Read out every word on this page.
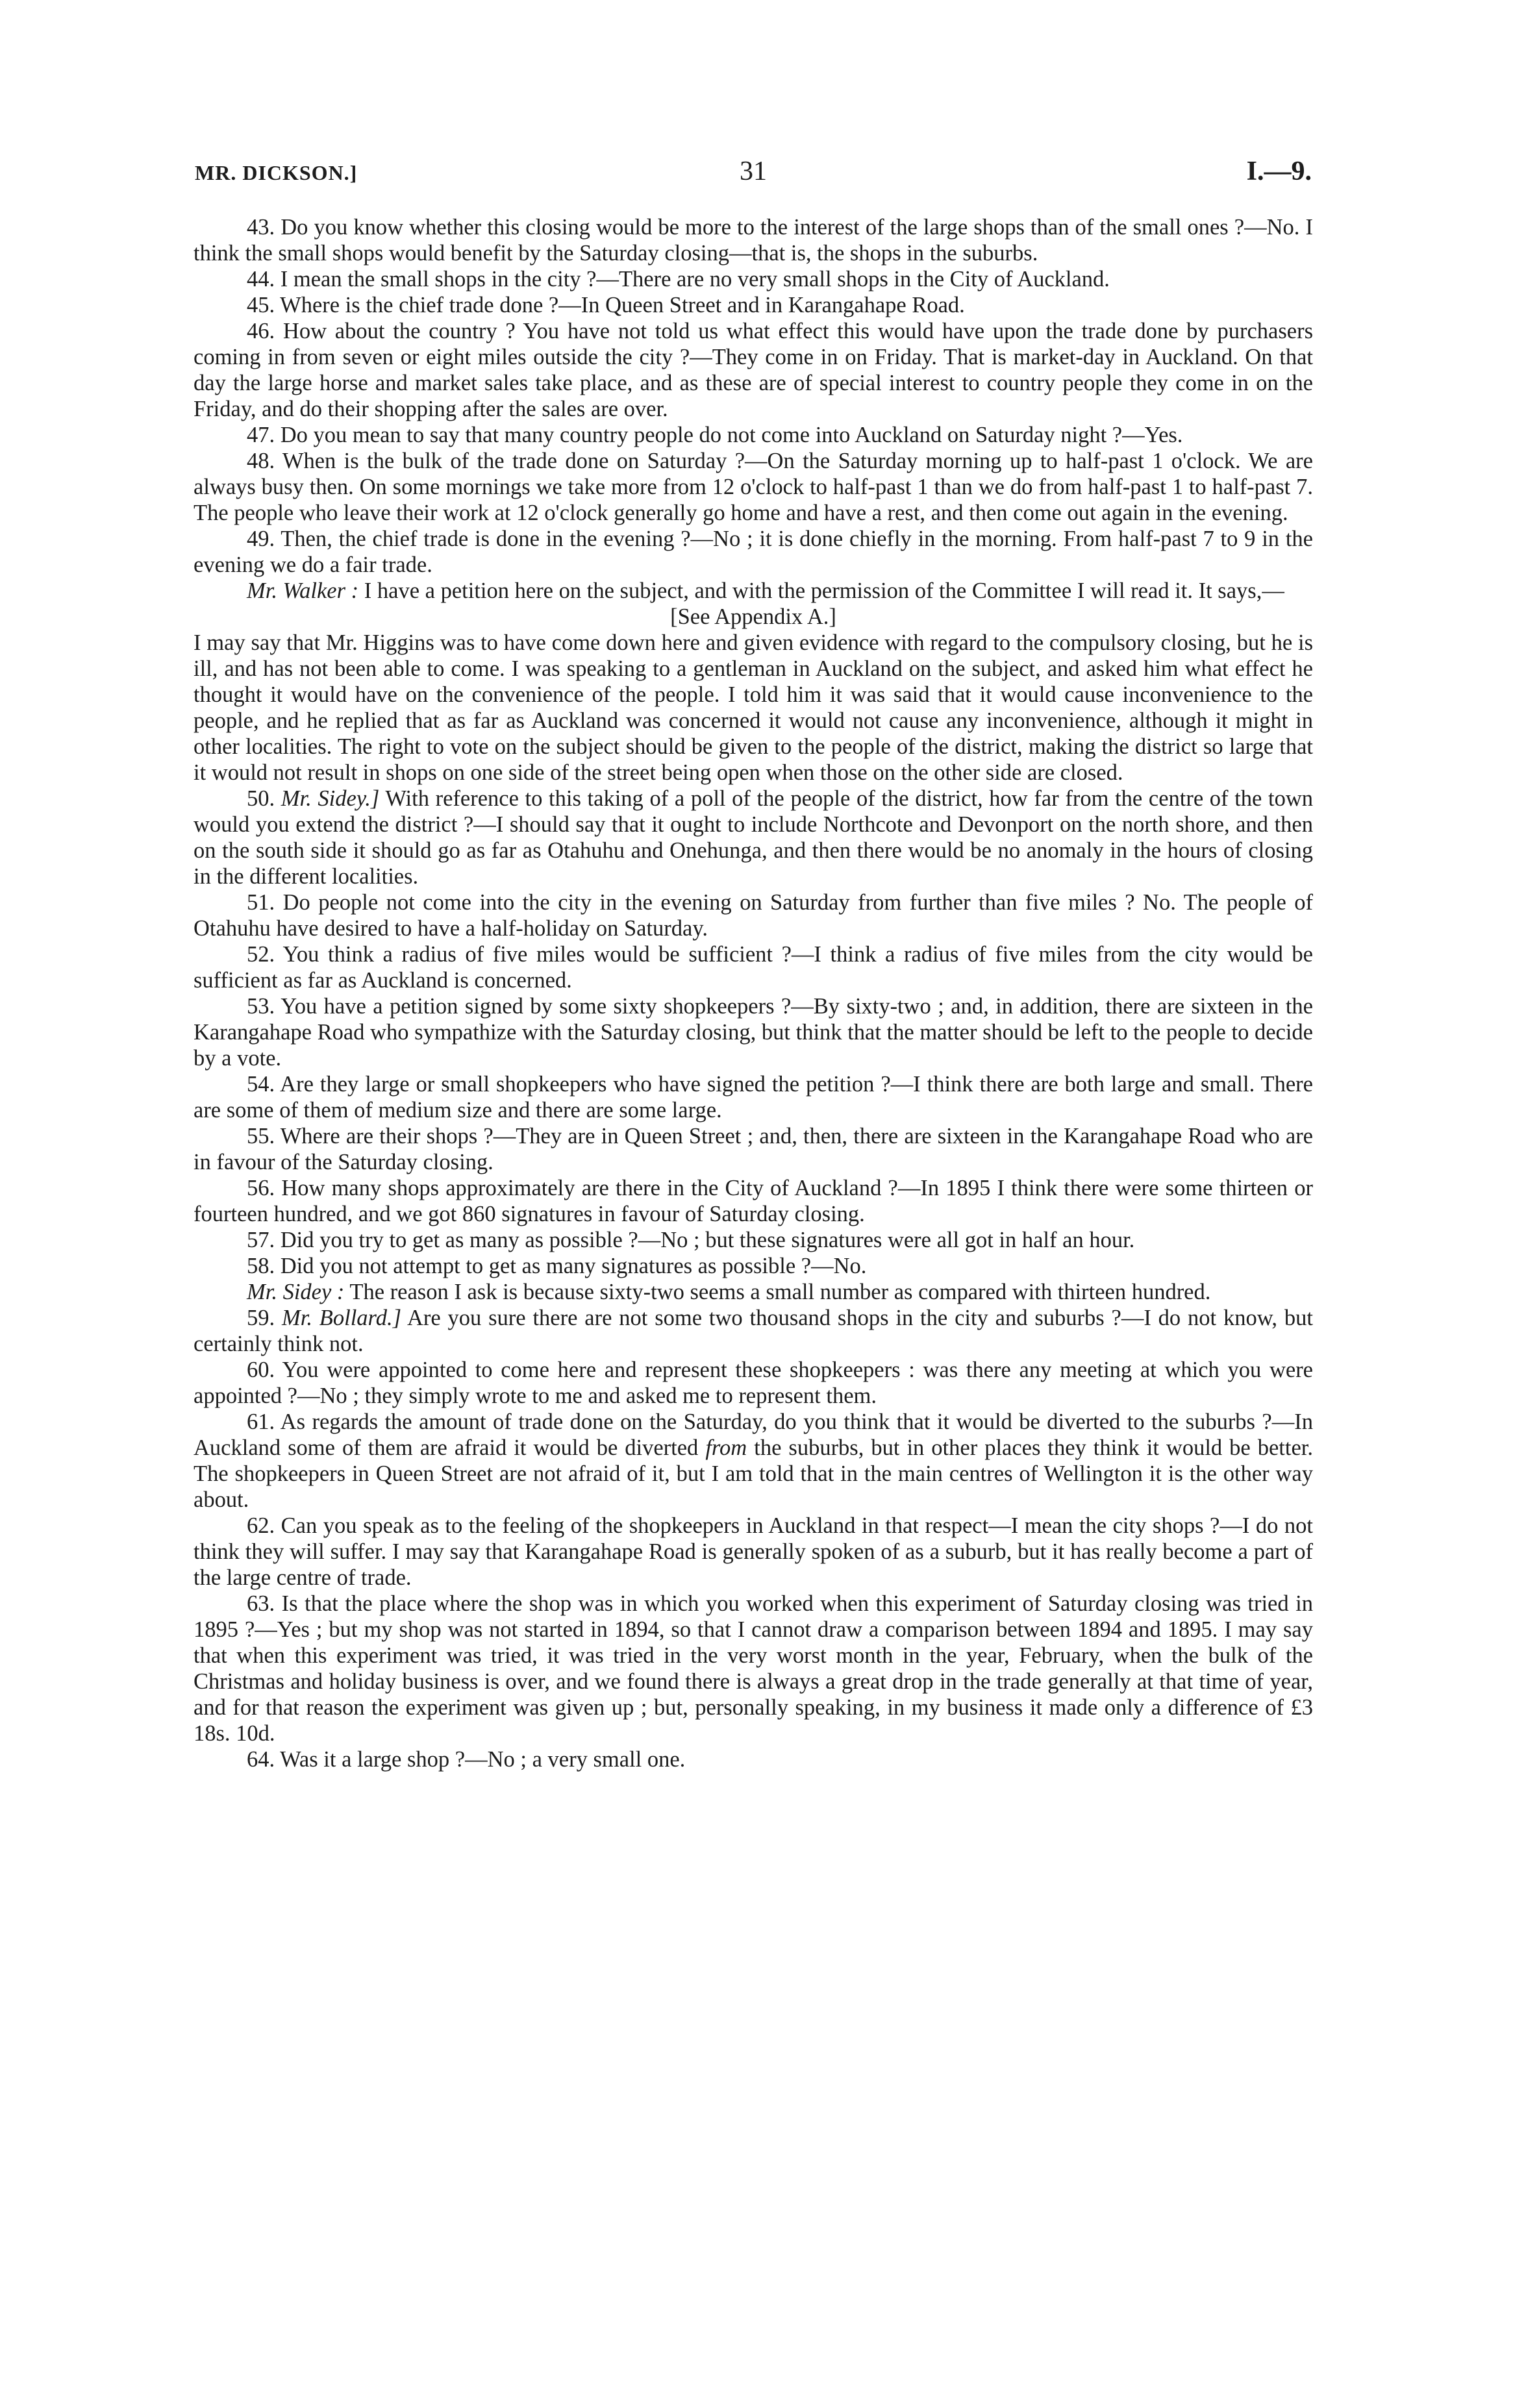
MR. DICKSON.]	31	I.—9.

43. Do you know whether this closing would be more to the interest of the large shops than of the small ones ?—No. I think the small shops would benefit by the Saturday closing—that is, the shops in the suburbs.

44. I mean the small shops in the city ?—There are no very small shops in the City of Auckland.

45. Where is the chief trade done ?—In Queen Street and in Karangahape Road.

46. How about the country ? You have not told us what effect this would have upon the trade done by purchasers coming in from seven or eight miles outside the city ?—They come in on Friday. That is market-day in Auckland. On that day the large horse and market sales take place, and as these are of special interest to country people they come in on the Friday, and do their shopping after the sales are over.

47. Do you mean to say that many country people do not come into Auckland on Saturday night ?—Yes.

48. When is the bulk of the trade done on Saturday ?—On the Saturday morning up to half-past 1 o'clock. We are always busy then. On some mornings we take more from 12 o'clock to half-past 1 than we do from half-past 1 to half-past 7. The people who leave their work at 12 o'clock generally go home and have a rest, and then come out again in the evening.

49. Then, the chief trade is done in the evening ?—No ; it is done chiefly in the morning. From half-past 7 to 9 in the evening we do a fair trade.

Mr. Walker : I have a petition here on the subject, and with the permission of the Committee I will read it. It says,—

[See Appendix A.]

I may say that Mr. Higgins was to have come down here and given evidence with regard to the compulsory closing, but he is ill, and has not been able to come. I was speaking to a gentleman in Auckland on the subject, and asked him what effect he thought it would have on the convenience of the people. I told him it was said that it would cause inconvenience to the people, and he replied that as far as Auckland was concerned it would not cause any inconvenience, although it might in other localities. The right to vote on the subject should be given to the people of the district, making the district so large that it would not result in shops on one side of the street being open when those on the other side are closed.

50. Mr. Sidey.] With reference to this taking of a poll of the people of the district, how far from the centre of the town would you extend the district ?—I should say that it ought to include Northcote and Devonport on the north shore, and then on the south side it should go as far as Otahuhu and Onehunga, and then there would be no anomaly in the hours of closing in the different localities.

51. Do people not come into the city in the evening on Saturday from further than five miles ? No. The people of Otahuhu have desired to have a half-holiday on Saturday.

52. You think a radius of five miles would be sufficient ?—I think a radius of five miles from the city would be sufficient as far as Auckland is concerned.

53. You have a petition signed by some sixty shopkeepers ?—By sixty-two ; and, in addition, there are sixteen in the Karangahape Road who sympathize with the Saturday closing, but think that the matter should be left to the people to decide by a vote.

54. Are they large or small shopkeepers who have signed the petition ?—I think there are both large and small. There are some of them of medium size and there are some large.

55. Where are their shops ?—They are in Queen Street ; and, then, there are sixteen in the Karangahape Road who are in favour of the Saturday closing.

56. How many shops approximately are there in the City of Auckland ?—In 1895 I think there were some thirteen or fourteen hundred, and we got 860 signatures in favour of Saturday closing.

57. Did you try to get as many as possible ?—No ; but these signatures were all got in half an hour.

58. Did you not attempt to get as many signatures as possible ?—No.

Mr. Sidey : The reason I ask is because sixty-two seems a small number as compared with thirteen hundred.

59. Mr. Bollard.] Are you sure there are not some two thousand shops in the city and suburbs ?—I do not know, but certainly think not.

60. You were appointed to come here and represent these shopkeepers : was there any meeting at which you were appointed ?—No ; they simply wrote to me and asked me to represent them.

61. As regards the amount of trade done on the Saturday, do you think that it would be diverted to the suburbs ?—In Auckland some of them are afraid it would be diverted from the suburbs, but in other places they think it would be better. The shopkeepers in Queen Street are not afraid of it, but I am told that in the main centres of Wellington it is the other way about.

62. Can you speak as to the feeling of the shopkeepers in Auckland in that respect—I mean the city shops ?—I do not think they will suffer. I may say that Karangahape Road is generally spoken of as a suburb, but it has really become a part of the large centre of trade.

63. Is that the place where the shop was in which you worked when this experiment of Saturday closing was tried in 1895 ?—Yes ; but my shop was not started in 1894, so that I cannot draw a comparison between 1894 and 1895. I may say that when this experiment was tried, it was tried in the very worst month in the year, February, when the bulk of the Christmas and holiday business is over, and we found there is always a great drop in the trade generally at that time of year, and for that reason the experiment was given up ; but, personally speaking, in my business it made only a difference of £3 18s. 10d.

64. Was it a large shop ?—No ; a very small one.
